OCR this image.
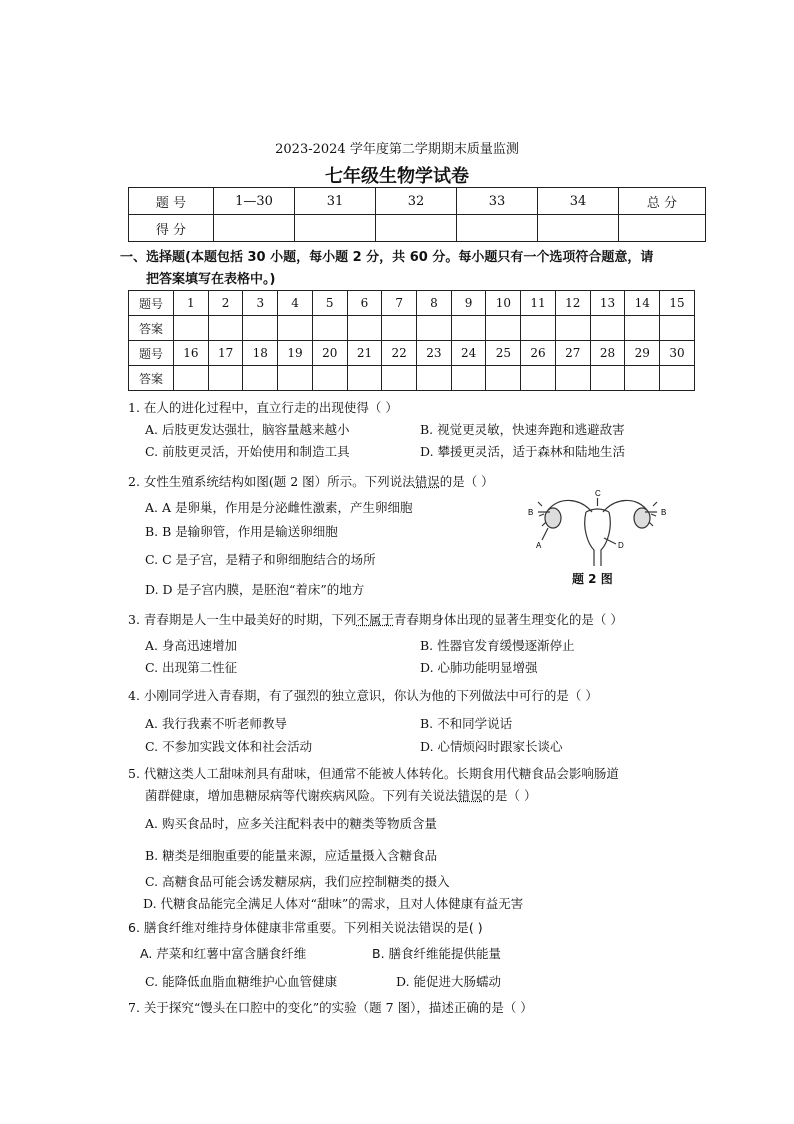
2023-2024 学年度第二学期期末质量监测
七年级生物学试卷
题 号	1—30	31	32	33	34	总 分
得 分						
一、选择题(本题包括 30 小题，每小题 2 分，共 60 分。每小题只有一个选项符合题意，请
把答案填写在表格中。)
题号	1	2	3	4	5	6	7	8	9	10	11	12	13	14	15
答案															
题号	16	17	18	19	20	21	22	23	24	25	26	27	28	29	30
答案															
1. 在人的进化过程中，直立行走的出现使得（ ）
A. 后肢更发达强壮，脑容量越来越小	B. 视觉更灵敏，快速奔跑和逃避敌害
C. 前肢更灵活，开始使用和制造工具	D. 攀援更灵活，适于森林和陆地生活
2. 女性生殖系统结构如图(题 2 图）所示。下列说法错误的是（ ）
A. A 是卵巢，作用是分泌雌性激素，产生卵细胞
B. B 是输卵管，作用是输送卵细胞
C. C 是子宫，是精子和卵细胞结合的场所
D. D 是子宫内膜，是胚泡“着床”的地方
B	B
C
A	D
题 2 图
3. 青春期是人一生中最美好的时期，下列不属于青春期身体出现的显著生理变化的是（ ）
A. 身高迅速增加	B. 性器官发育缓慢逐渐停止
C. 出现第二性征	D. 心肺功能明显增强
4. 小刚同学进入青春期，有了强烈的独立意识，你认为他的下列做法中可行的是（ ）
A. 我行我素不听老师教导	B. 不和同学说话
C. 不参加实践文体和社会活动	D. 心情烦闷时跟家长谈心
5. 代糖这类人工甜味剂具有甜味，但通常不能被人体转化。长期食用代糖食品会影响肠道
菌群健康，增加患糖尿病等代谢疾病风险。下列有关说法错误的是（ ）
A. 购买食品时，应多关注配料表中的糖类等物质含量
B. 糖类是细胞重要的能量来源，应适量摄入含糖食品
C. 高糖食品可能会诱发糖尿病，我们应控制糖类的摄入
D. 代糖食品能完全满足人体对“甜味”的需求，且对人体健康有益无害
6. 膳食纤维对维持身体健康非常重要。下列相关说法错误的是( )
A. 芹菜和红薯中富含膳食纤维	B. 膳食纤维能提供能量
C. 能降低血脂血糖维护心血管健康	D. 能促进大肠蠕动
7. 关于探究“馒头在口腔中的变化”的实验（题 7 图），描述正确的是（ ）
